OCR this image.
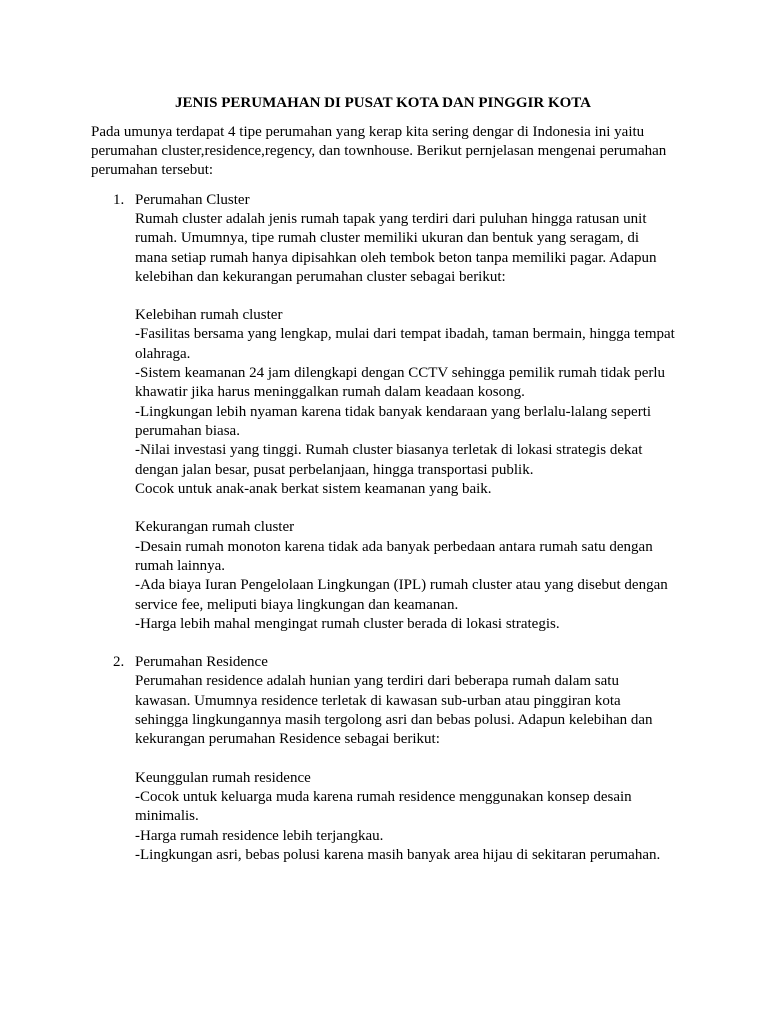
JENIS PERUMAHAN DI PUSAT KOTA DAN PINGGIR KOTA
Pada umunya terdapat 4 tipe perumahan yang kerap kita sering dengar di Indonesia ini yaitu
perumahan cluster,residence,regency, dan townhouse. Berikut pernjelasan mengenai perumahan
perumahan tersebut:
1. Perumahan Cluster
Rumah cluster adalah jenis rumah tapak yang terdiri dari puluhan hingga ratusan unit
rumah. Umumnya, tipe rumah cluster memiliki ukuran dan bentuk yang seragam, di
mana setiap rumah hanya dipisahkan oleh tembok beton tanpa memiliki pagar. Adapun
kelebihan dan kekurangan perumahan cluster sebagai berikut:
Kelebihan rumah cluster
-Fasilitas bersama yang lengkap, mulai dari tempat ibadah, taman bermain, hingga tempat
olahraga.
-Sistem keamanan 24 jam dilengkapi dengan CCTV sehingga pemilik rumah tidak perlu
khawatir jika harus meninggalkan rumah dalam keadaan kosong.
-Lingkungan lebih nyaman karena tidak banyak kendaraan yang berlalu-lalang seperti
perumahan biasa.
-Nilai investasi yang tinggi. Rumah cluster biasanya terletak di lokasi strategis dekat
dengan jalan besar, pusat perbelanjaan, hingga transportasi publik.
Cocok untuk anak-anak berkat sistem keamanan yang baik.
Kekurangan rumah cluster
-Desain rumah monoton karena tidak ada banyak perbedaan antara rumah satu dengan
rumah lainnya.
-Ada biaya Iuran Pengelolaan Lingkungan (IPL) rumah cluster atau yang disebut dengan
service fee, meliputi biaya lingkungan dan keamanan.
-Harga lebih mahal mengingat rumah cluster berada di lokasi strategis.
2. Perumahan Residence
Perumahan residence adalah hunian yang terdiri dari beberapa rumah dalam satu
kawasan. Umumnya residence terletak di kawasan sub-urban atau pinggiran kota
sehingga lingkungannya masih tergolong asri dan bebas polusi. Adapun kelebihan dan
kekurangan perumahan Residence sebagai berikut:
Keunggulan rumah residence
-Cocok untuk keluarga muda karena rumah residence menggunakan konsep desain
minimalis.
-Harga rumah residence lebih terjangkau.
-Lingkungan asri, bebas polusi karena masih banyak area hijau di sekitaran perumahan.
